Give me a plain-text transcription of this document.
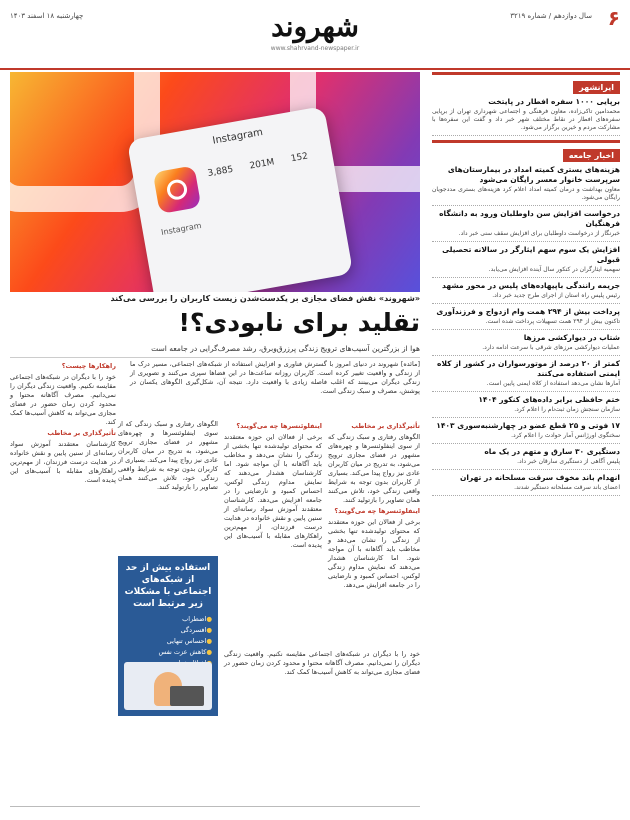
۶
سال دوازدهم / شماره ۳۲۱۹
شهروند
www.shahrvand-newspaper.ir
چهارشنبه ۱۸ اسفند ۱۴۰۳
Instagram
3,885 201M 152
Instagram
«شهروند» نقش فضای مجازی بر یکدست‌شدن زیست کاربران را بررسی می‌کند
تقلید برای نابودی؟!
هوا از بزرگترین آسیب‌های ترویج زندگی پرزرق‌وبرق، رشد مصرف‌گرایی در جامعه است
[مائده] شهروند در دنیای امروز با گسترش فناوری و افزایش استفاده از شبکه‌های اجتماعی، مسیر درک ما از زندگی و واقعیت تغییر کرده است. کاربران روزانه ساعت‌ها در این فضاها سپری می‌کنند و تصویری از زندگی دیگران می‌بینند که اغلب فاصله زیادی با واقعیت دارد. نتیجه آن، شکل‌گیری الگوهای یکسان در پوشش، مصرف و سبک زندگی است.
راهکارها چیست؟
خود را با دیگران در شبکه‌های اجتماعی مقایسه نکنیم. واقعیت زندگی دیگران را نمی‌دانیم. مصرف آگاهانه محتوا و محدود کردن زمان حضور در فضای مجازی می‌تواند به کاهش آسیب‌ها کمک کند.
تأثیرگذاری بر مخاطب
کارشناسان معتقدند آموزش سواد رسانه‌ای از سنین پایین و نقش خانواده در هدایت درست فرزندان، از مهم‌ترین راهکارهای مقابله با آسیب‌های این پدیده است.
تأثیرگذاری بر مخاطب
الگوهای رفتاری و سبک زندگی که از سوی اینفلوئنسرها و چهره‌های مشهور در فضای مجازی ترویج می‌شود، به تدریج در میان کاربران عادی نیز رواج پیدا می‌کند. بسیاری از کاربران بدون توجه به شرایط واقعی زندگی خود، تلاش می‌کنند همان تصاویر را بازتولید کنند.
اینفلوئنسرها چه می‌گویند؟
برخی از فعالان این حوزه معتقدند که محتوای تولیدشده تنها بخشی از زندگی را نشان می‌دهد و مخاطب باید آگاهانه با آن مواجه شود. اما کارشناسان هشدار می‌دهند که نمایش مداوم زندگی لوکس، احساس کمبود و نارضایتی را در جامعه افزایش می‌دهد.
اینفلوئنسرها چه می‌گویند؟
برخی از فعالان این حوزه معتقدند که محتوای تولیدشده تنها بخشی از زندگی را نشان می‌دهد و مخاطب باید آگاهانه با آن مواجه شود. اما کارشناسان هشدار می‌دهند که نمایش مداوم زندگی لوکس، احساس کمبود و نارضایتی را در جامعه افزایش می‌دهد. کارشناسان معتقدند آموزش سواد رسانه‌ای از سنین پایین و نقش خانواده در هدایت درست فرزندان، از مهم‌ترین راهکارهای مقابله با آسیب‌های این پدیده است.
الگوهای رفتاری و سبک زندگی که از سوی اینفلوئنسرها و چهره‌های مشهور در فضای مجازی ترویج می‌شود، به تدریج در میان کاربران عادی نیز رواج پیدا می‌کند. بسیاری از کاربران بدون توجه به شرایط واقعی زندگی خود، تلاش می‌کنند همان تصاویر را بازتولید کنند.
استفاده بیش از حد از شبکه‌های اجتماعی با مشکلات زیر مرتبط است
● اضطراب
● افسردگی
● احساس تنهایی
● کاهش عزت نفس
●	خود را با دیگران در شبکه‌های اجتماعی مقایسه نکنیم. واقعیت زندگی دیگران را نمی‌دانیم. مصرف آگاهانه محتوا و محدود کردن زمان حضور در فضای مجازی می‌تواند به کاهش آسیب‌ها کمک کند.
ایرانشهر
برپایی ۱۰۰۰ سفره افطار در پایتخت
محمدامین تاکی‌زاده، معاون فرهنگی و اجتماعی شهرداری تهران از برپایی سفره‌های افطار در نقاط مختلف شهر خبر داد و گفت این سفره‌ها با مشارکت مردم و خیرین برگزار می‌شود.
اخبار جامعه
هزینه‌های بستری کمیته امداد در بیمارستان‌های سرپرست خانوار معسر رایگان می‌شود
معاون بهداشت و درمان کمیته امداد اعلام کرد هزینه‌های بستری مددجویان رایگان می‌شود.
درخواست افزایش سن داوطلبان ورود به دانشگاه فرهنگیان
خبرنگار از درخواست داوطلبان برای افزایش سقف سنی خبر داد.
افزایش یک سوم سهم ایثارگر در سالانه تحصیلی قبولی
سهمیه ایثارگران در کنکور سال آینده افزایش می‌یابد.
جریمه رانندگی باپیهاده‌های پلیس در محور مشهد
رئیس پلیس راه استان از اجرای طرح جدید خبر داد.
پرداخت بیش از ۲۹۴ همت وام ازدواج و فرزندآوری
تاکنون بیش از ۲۹۴ همت تسهیلات پرداخت شده است.
شتاب در دیوارکشی مرزها
عملیات دیوارکشی مرزهای شرقی با سرعت ادامه دارد.
کمتر از ۲۰ درصد از موتورسواران در کشور از کلاه ایمنی استفاده می‌کنند
آمارها نشان می‌دهد استفاده از کلاه ایمنی پایین است.
ختم حافظی برابر داده‌های کنکور ۱۴۰۴
سازمان سنجش زمان ثبت‌نام را اعلام کرد.
۱۷ فوتی و ۲۵ قطع عضو در چهارشنبه‌سوری ۱۴۰۳
سخنگوی اورژانس آمار حوادث را اعلام کرد.
دستگیری ۳۰ سارق و متهم در یک ماه
پلیس آگاهی از دستگیری سارقان خبر داد.
انهدام باند مخوف سرقت مسلحانه در تهران
اعضای باند سرقت مسلحانه دستگیر شدند.
